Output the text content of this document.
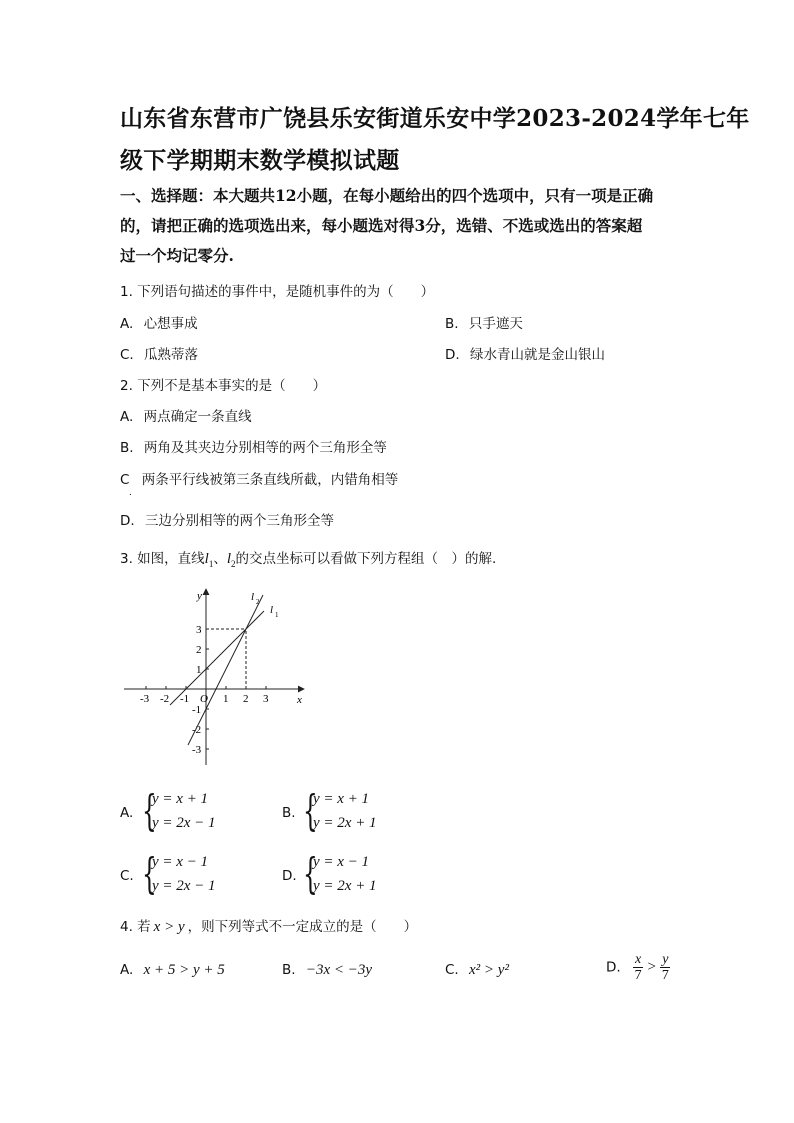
山东省东营市广饶县乐安街道乐安中学2023-2024学年七年
级下学期期末数学模拟试题
一、选择题：本大题共12小题，在每小题给出的四个选项中，只有一项是正确
的，请把正确的选项选出来，每小题选对得3分，选错、不选或选出的答案超
过一个均记零分.
1. 下列语句描述的事件中，是随机事件的为（　　）
A. 心想事成	B. 只手遮天
C. 瓜熟蒂落	D. 绿水青山就是金山银山
2. 下列不是基本事实的是（　　）
A. 两点确定一条直线
B. 两角及其夹边分别相等的两个三角形全等
C 两条平行线被第三条直线所截，内错角相等
.
D. 三边分别相等的两个三角形全等
3. 如图，直线$l_1$、$l_2$的交点坐标可以看做下列方程组（　）的解.
x
y
O
-3 -2 -1	1 2 3
3
2
1
-1
-2
-3
l 1
l 2
A. {
y = x + 1
y = 2x − 1
B. {
y = x + 1
y = 2x + 1
C. {
y = x − 1
y = 2x − 1
D. {
y = x − 1
y = 2x + 1
4. 若 x > y ，则下列等式不一定成立的是（　　）
A. x + 5 > y + 5	B. −3x < −3y	C. x² > y²	D. $\frac{x}{7} > \frac{y}{7}$
